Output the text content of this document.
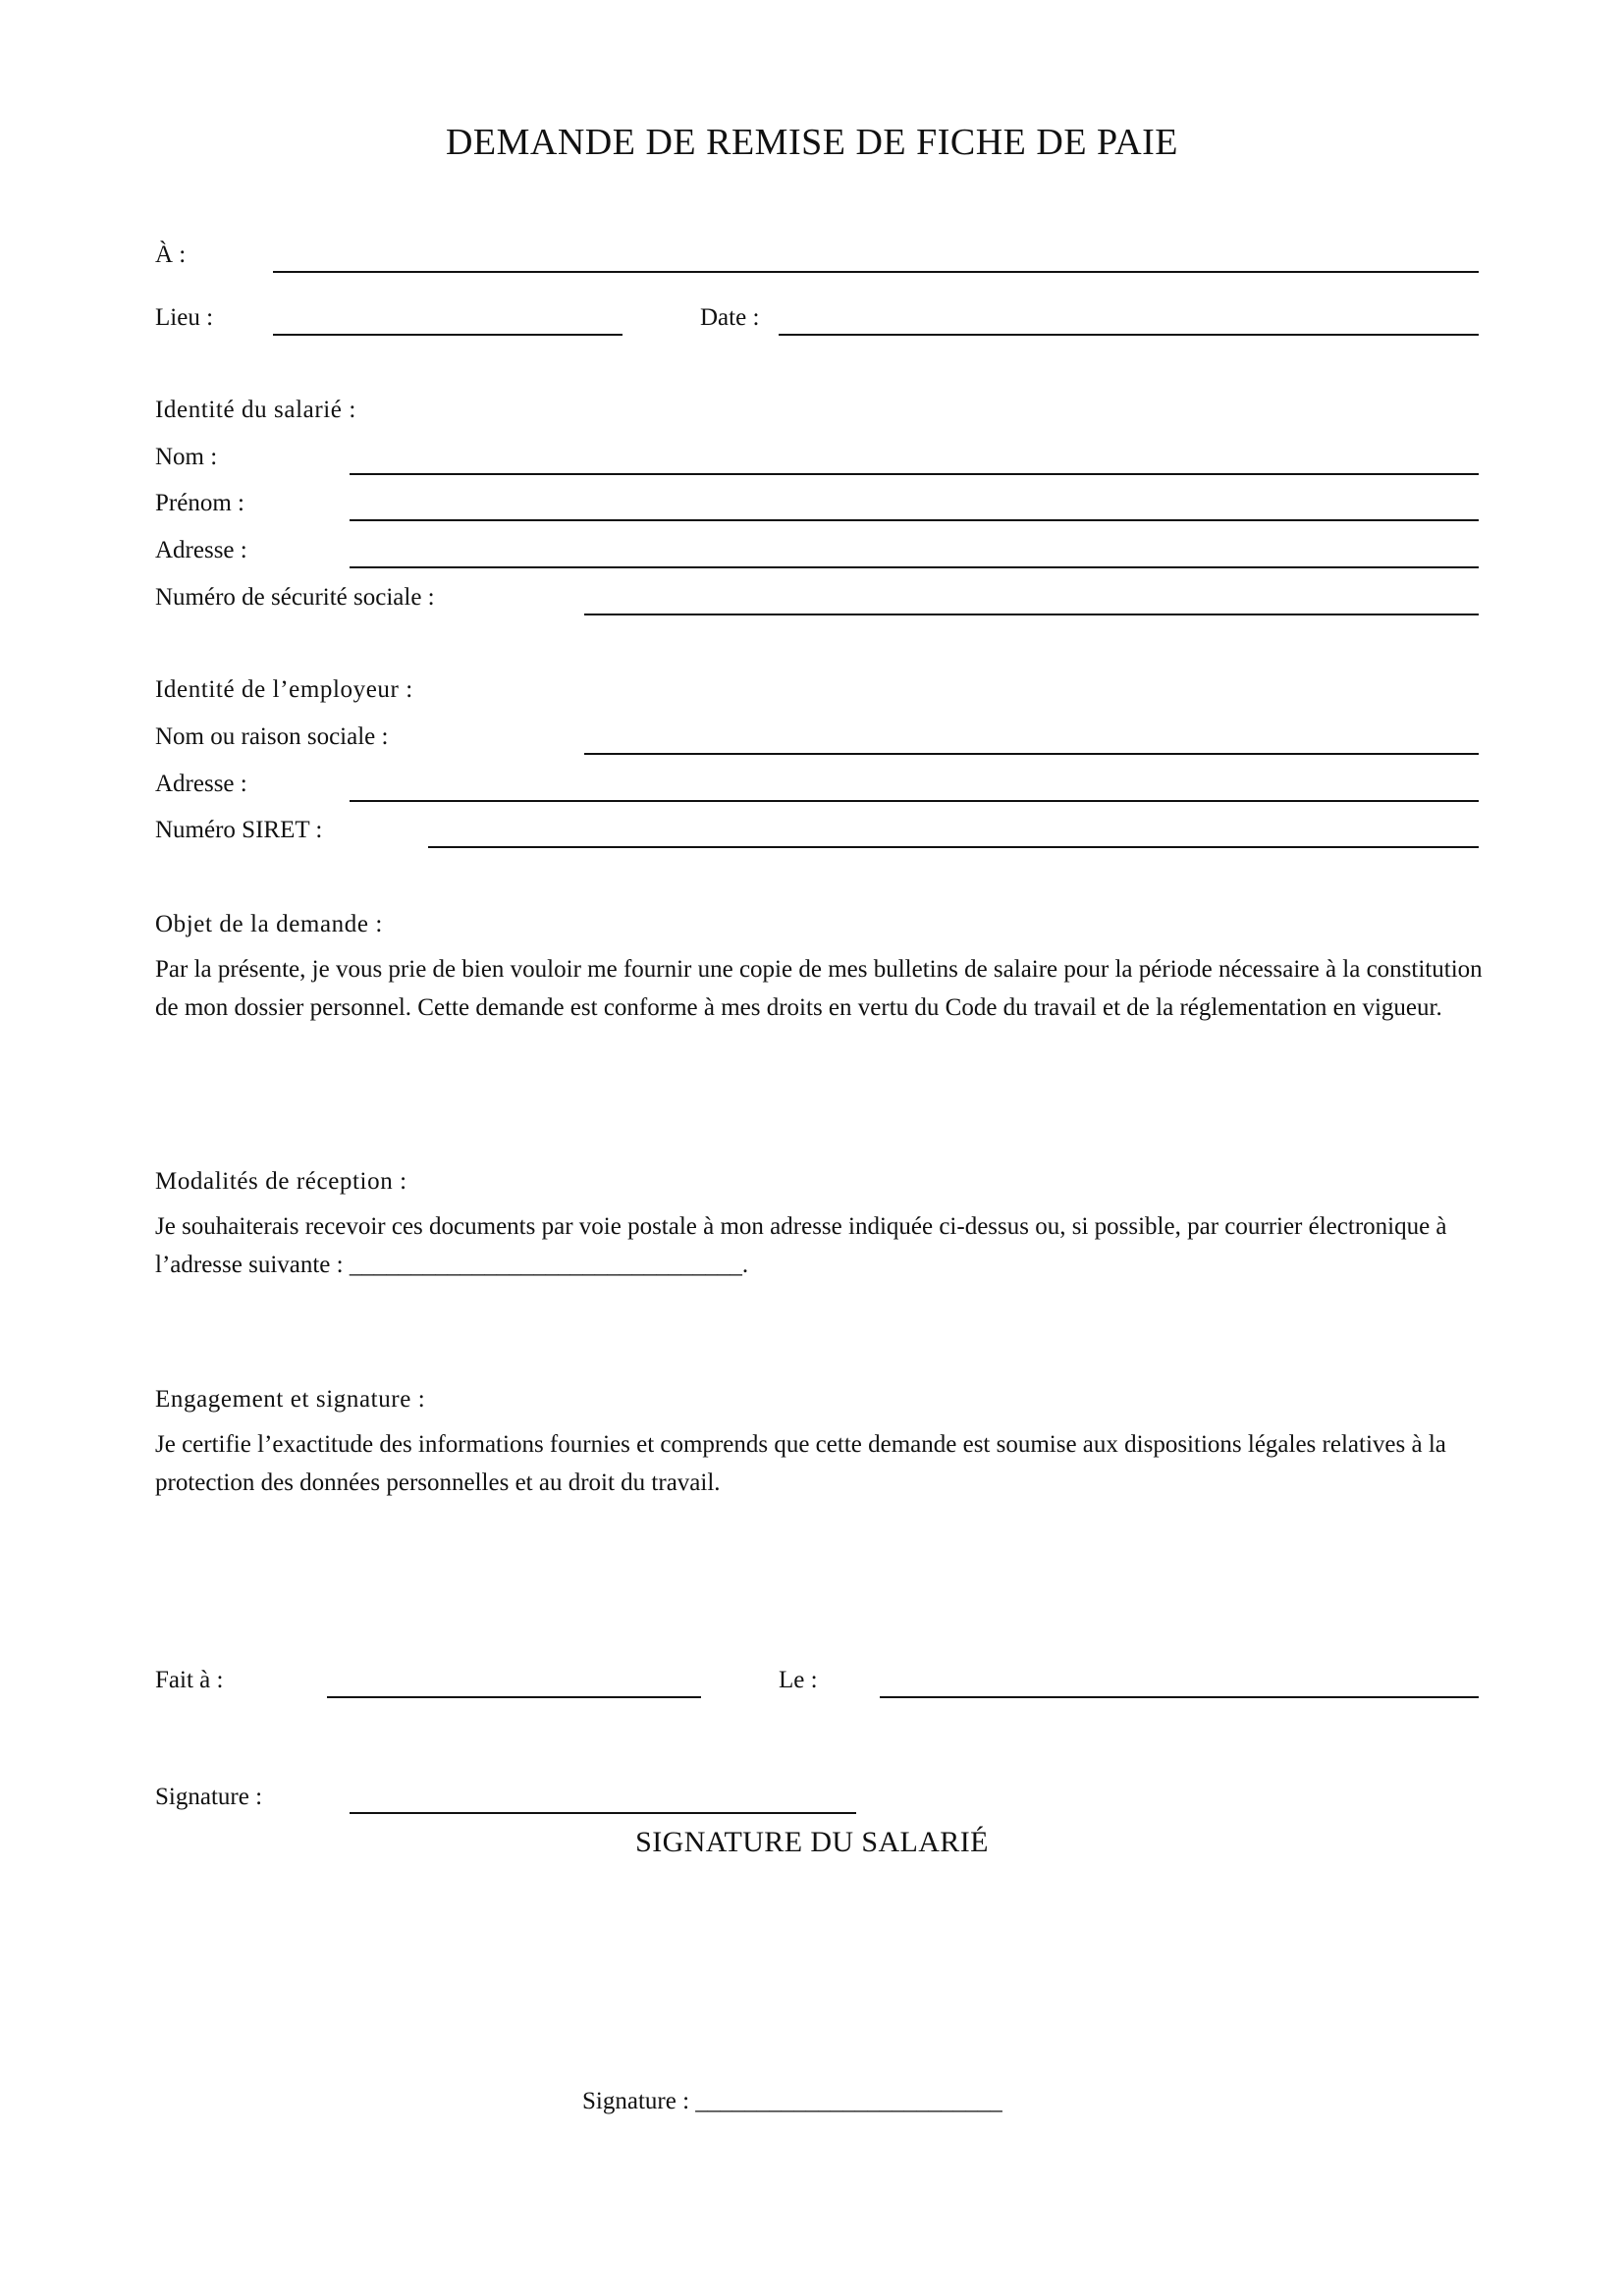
DEMANDE DE REMISE DE FICHE DE PAIE
À :
Lieu :	Date :
Identité du salarié :
Nom :
Prénom :
Adresse :
Numéro de sécurité sociale :
Identité de l’employeur :
Nom ou raison sociale :
Adresse :
Numéro SIRET :
Objet de la demande :
Par la présente, je vous prie de bien vouloir me fournir une copie de mes bulletins de salaire pour la période nécessaire à la constitution de mon dossier personnel. Cette demande est conforme à mes droits en vertu du Code du travail et de la réglementation en vigueur.
Modalités de réception :
Je souhaiterais recevoir ces documents par voie postale à mon adresse indiquée ci-dessus ou, si possible, par courrier électronique à l’adresse suivante : ________________________________.
Engagement et signature :
Je certifie l’exactitude des informations fournies et comprends que cette demande est soumise aux dispositions légales relatives à la protection des données personnelles et au droit du travail.
Fait à :	Le :
Signature :
SIGNATURE DU SALARIÉ
Signature : _________________________
